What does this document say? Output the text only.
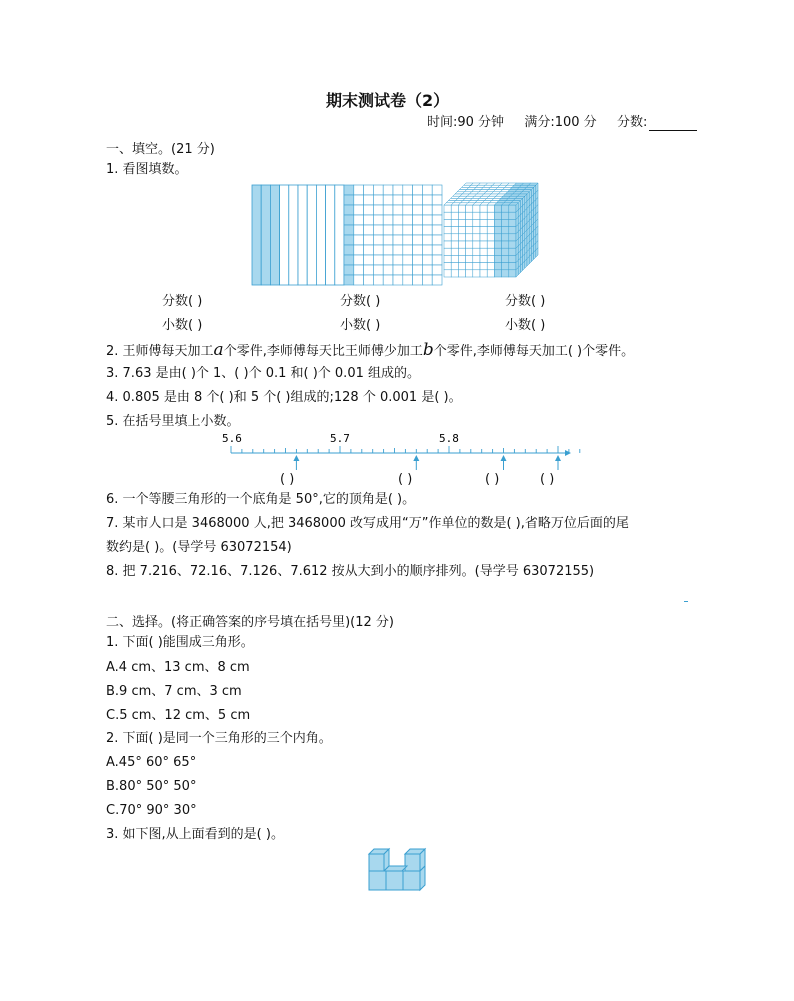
期末测试卷（2）
时间:90 分钟 满分:100 分 分数:
一、填空。(21 分)
1. 看图填数。
分数( )
小数( )
分数( )
小数( )
分数( )
小数( )
2. 王师傅每天加工a个零件,李师傅每天比王师傅少加工b个零件,李师傅每天加工( )个零件。
3. 7.63 是由( )个 1、( )个 0.1 和( )个 0.01 组成的。
4. 0.805 是由 8 个( )和 5 个( )组成的;128 个 0.001 是( )。
5. 在括号里填上小数。
5.6	5.7	5.8
( )	( )	( )	( )
6. 一个等腰三角形的一个底角是 50°,它的顶角是( )。
7. 某市人口是 3468000 人,把 3468000 改写成用“万”作单位的数是( ),省略万位后面的尾
数约是( )。(导学号 63072154)
8. 把 7.216、72.16、7.126、7.612 按从大到小的顺序排列。(导学号 63072155)
二、选择。(将正确答案的序号填在括号里)(12 分)
1. 下面( )能围成三角形。
A.4 cm、13 cm、8 cm
B.9 cm、7 cm、3 cm
C.5 cm、12 cm、5 cm
2. 下面( )是同一个三角形的三个内角。
A.45° 60° 65°
B.80° 50° 50°
C.70° 90° 30°
3. 如下图,从上面看到的是( )。
